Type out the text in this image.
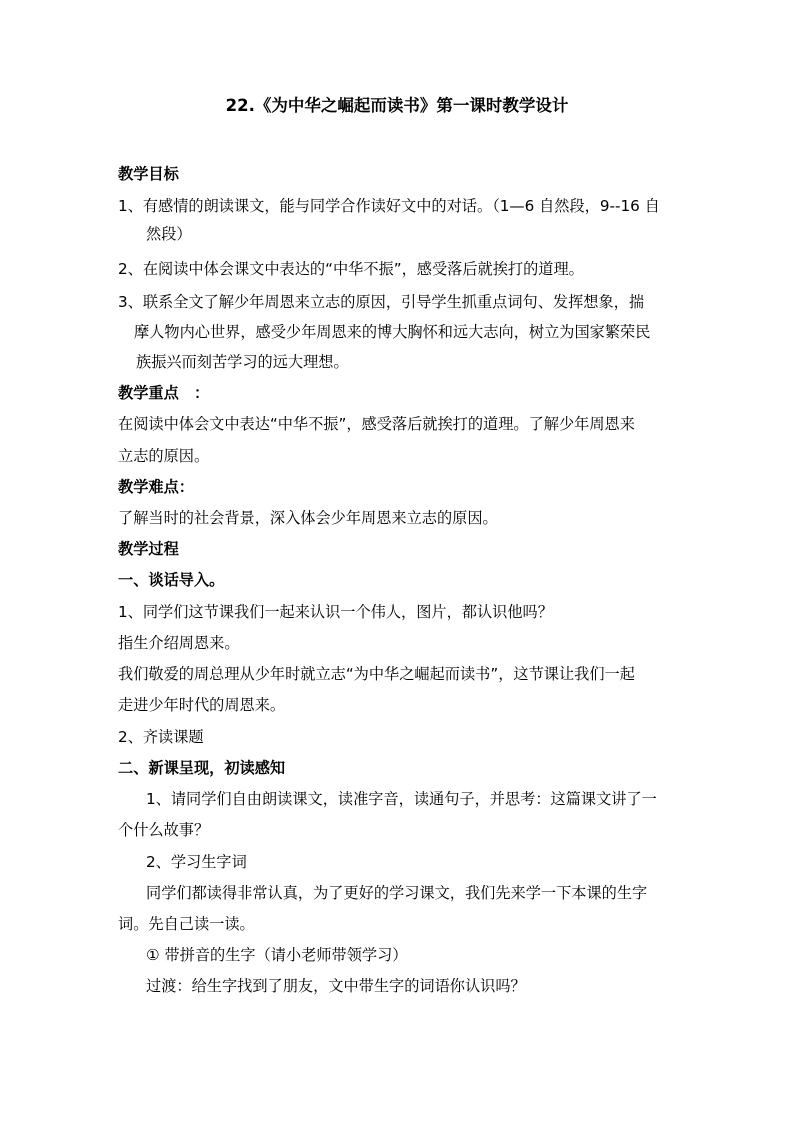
22.《为中华之崛起而读书》第一课时教学设计
教学目标
1、有感情的朗读课文，能与同学合作读好文中的对话。（1—6 自然段，9--16 自
然段）
2、在阅读中体会课文中表达的“中华不振”，感受落后就挨打的道理。
3、联系全文了解少年周恩来立志的原因，引导学生抓重点词句、发挥想象，揣
摩人物内心世界，感受少年周恩来的博大胸怀和远大志向，树立为国家繁荣民
族振兴而刻苦学习的远大理想。
教学重点　：
在阅读中体会文中表达“中华不振”，感受落后就挨打的道理。了解少年周恩来
立志的原因。
教学难点：
了解当时的社会背景，深入体会少年周恩来立志的原因。
教学过程
一、谈话导入。
1、同学们这节课我们一起来认识一个伟人，图片，都认识他吗？
指生介绍周恩来。
我们敬爱的周总理从少年时就立志“为中华之崛起而读书”，这节课让我们一起
走进少年时代的周恩来。
2、齐读课题
二、新课呈现，初读感知
1、请同学们自由朗读课文，读准字音，读通句子，并思考：这篇课文讲了一
个什么故事？
2、学习生字词
同学们都读得非常认真，为了更好的学习课文，我们先来学一下本课的生字
词。先自己读一读。
① 带拼音的生字（请小老师带领学习）
过渡：给生字找到了朋友，文中带生字的词语你认识吗？
